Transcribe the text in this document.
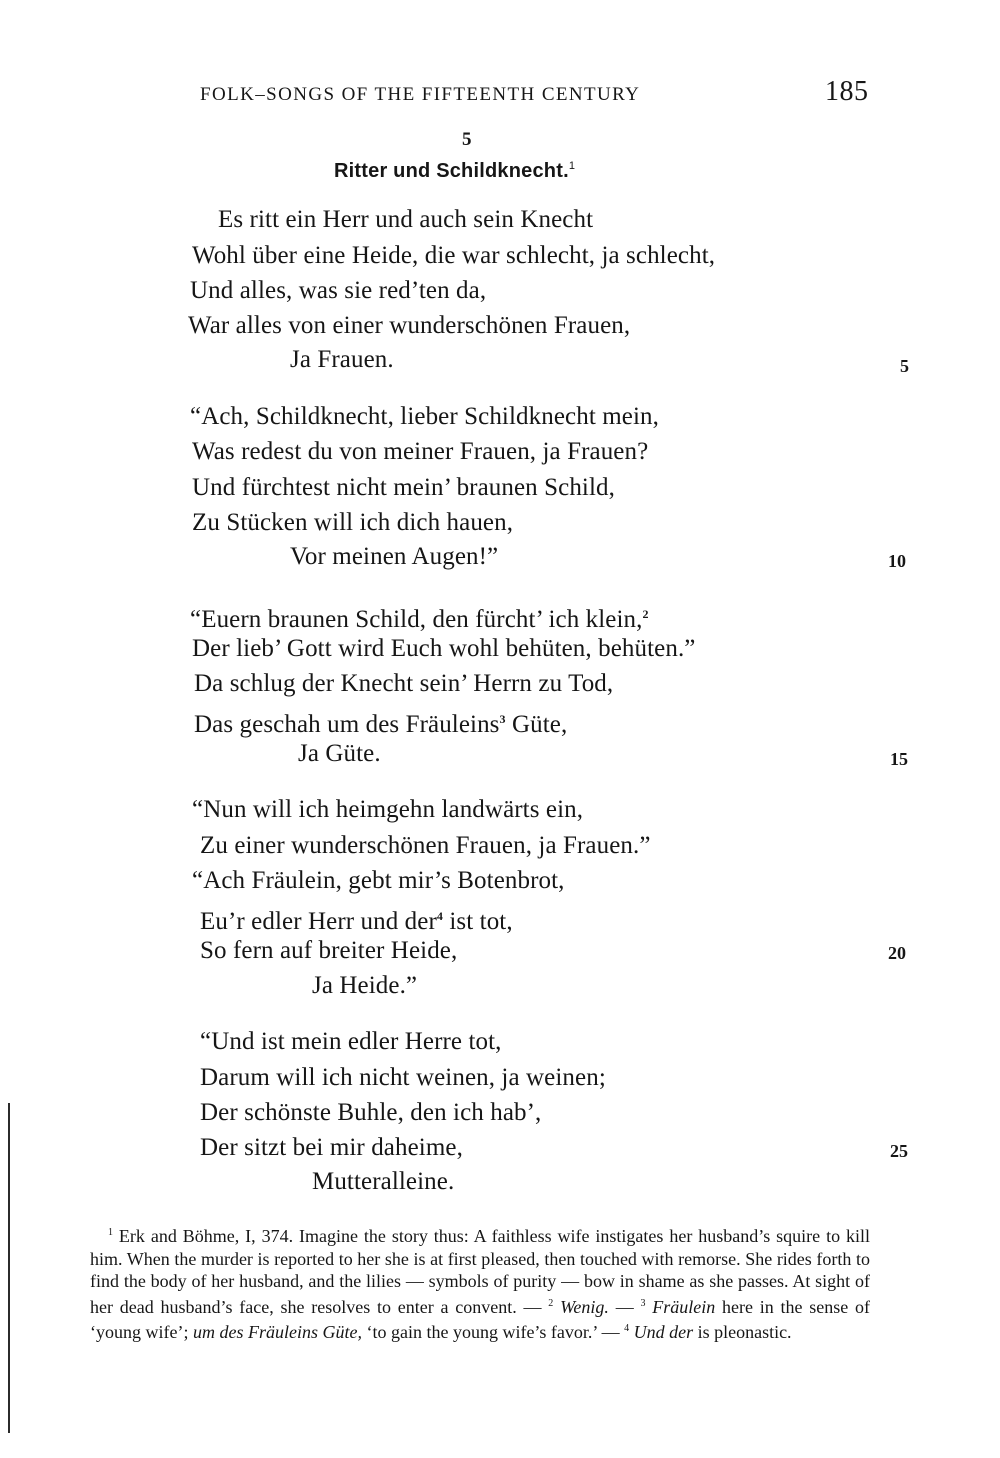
FOLK–SONGS OF THE FIFTEENTH CENTURY	185
5
Ritter und Schildknecht.$^1$
Es ritt ein Herr und auch sein Knecht
Wohl über eine Heide, die war schlecht, ja schlecht,
Und alles, was sie red’ten da,
War alles von einer wunderschönen Frauen,
Ja Frauen.
“Ach, Schildknecht, lieber Schildknecht mein,
Was redest du von meiner Frauen, ja Frauen?
Und fürchtest nicht mein’ braunen Schild,
Zu Stücken will ich dich hauen,
Vor meinen Augen!”
“Euern braunen Schild, den fürcht’ ich klein,$^2$
Der lieb’ Gott wird Euch wohl behüten, behüten.”
Da schlug der Knecht sein’ Herrn zu Tod,
Das geschah um des Fräuleins$^3$ Güte,
Ja Güte.
“Nun will ich heimgehn landwärts ein,
Zu einer wunderschönen Frauen, ja Frauen.”
“Ach Fräulein, gebt mir’s Botenbrot,
Eu’r edler Herr und der$^4$ ist tot,
So fern auf breiter Heide,
Ja Heide.”
“Und ist mein edler Herre tot,
Darum will ich nicht weinen, ja weinen;
Der schönste Buhle, den ich hab’,
Der sitzt bei mir daheime,
Mutteralleine.
5
10
15
20
25
$^1$ Erk and Böhme, I, 374. Imagine the story thus: A faithless wife instigates her husband’s squire to kill him. When the murder is reported to her she is at first pleased, then touched with remorse. She rides forth to find the body of her husband, and the lilies — symbols of purity — bow in shame as she passes. At sight of her dead husband’s face, she resolves to enter a convent. — $^2$ Wenig. — $^3$ Fräulein here in the sense of ‘young wife’; um des Fräuleins Güte, ‘to gain the young wife’s favor.’ — $^4$ Und der is pleonastic.
